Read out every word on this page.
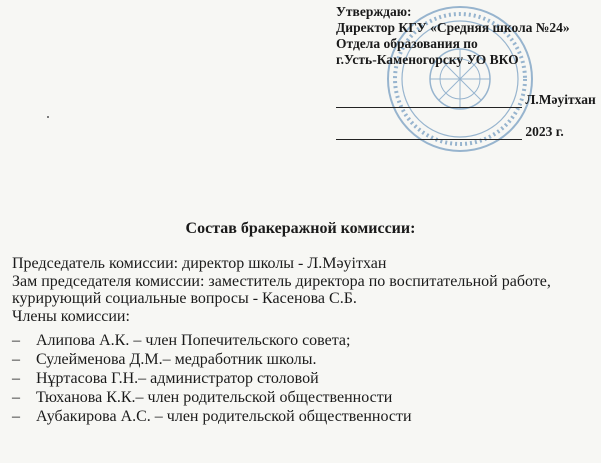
Утверждаю:
Директор КГУ «Средняя школа №24»
Отдела образования по
г.Усть-Каменогорску УО ВКО
Л.Мәуітхан
2023 г.
Состав бракеражной комиссии:

Председатель комиссии: директор школы - Л.Мәуітхан

Зам председателя комиссии: заместитель директора по воспитательной работе, курирующий социальные вопросы - Касенова С.Б.

Члены комиссии:

– Алипова А.К. – член Попечительского совета;
– Сулейменова Д.М.– медработник школы.
– Нұртасова Г.Н.– администратор столовой
– Тюханова К.К.– член родительской общественности
– Аубакирова А.С. – член родительской общественности
